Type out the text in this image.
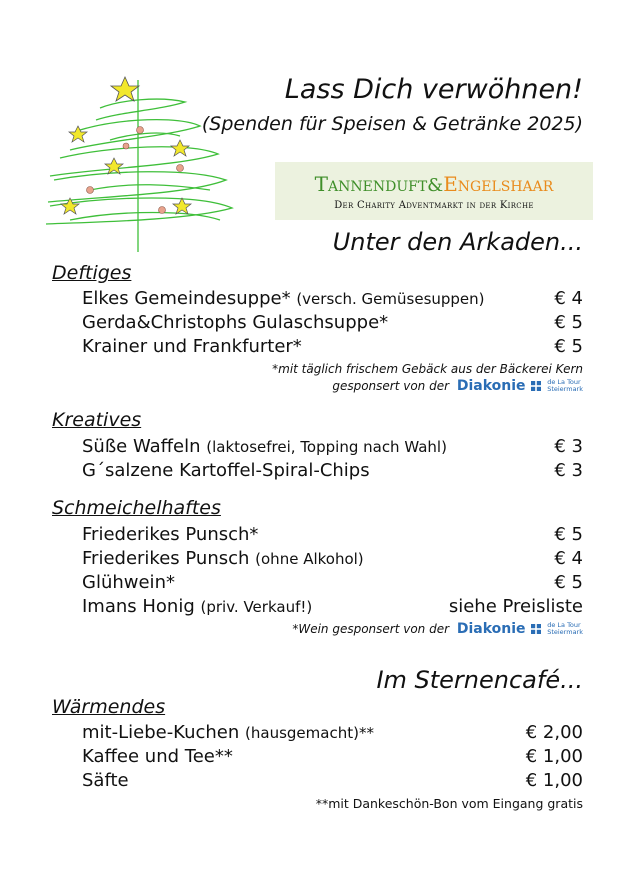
Lass Dich verwöhnen!
(Spenden für Speisen & Getränke 2025)
Tannenduft&Engelshaar
Der Charity Adventmarkt in der Kirche
Unter den Arkaden...
Deftiges
Elkes Gemeindesuppe* (versch. Gemüsesuppen)	€ 4
Gerda&Christophs Gulaschsuppe*	€ 5
Krainer und Frankfurter*	€ 5
*mit täglich frischem Gebäck aus der Bäckerei Kern
gesponsert von der Diakonie	de La Tour
Steiermark
Kreatives
Süße Waffeln (laktosefrei, Topping nach Wahl)	€ 3
G´salzene Kartoffel-Spiral-Chips	€ 3
Schmeichelhaftes
Friederikes Punsch*	€ 5
Friederikes Punsch (ohne Alkohol)	€ 4
Glühwein*	€ 5
Imans Honig (priv. Verkauf!)	siehe Preisliste
*Wein gesponsert von der Diakonie	de La Tour
Steiermark
Im Sternencafé...
Wärmendes
mit-Liebe-Kuchen (hausgemacht)**	€ 2,00
Kaffee und Tee**	€ 1,00
Säfte	€ 1,00
**mit Dankeschön-Bon vom Eingang gratis
